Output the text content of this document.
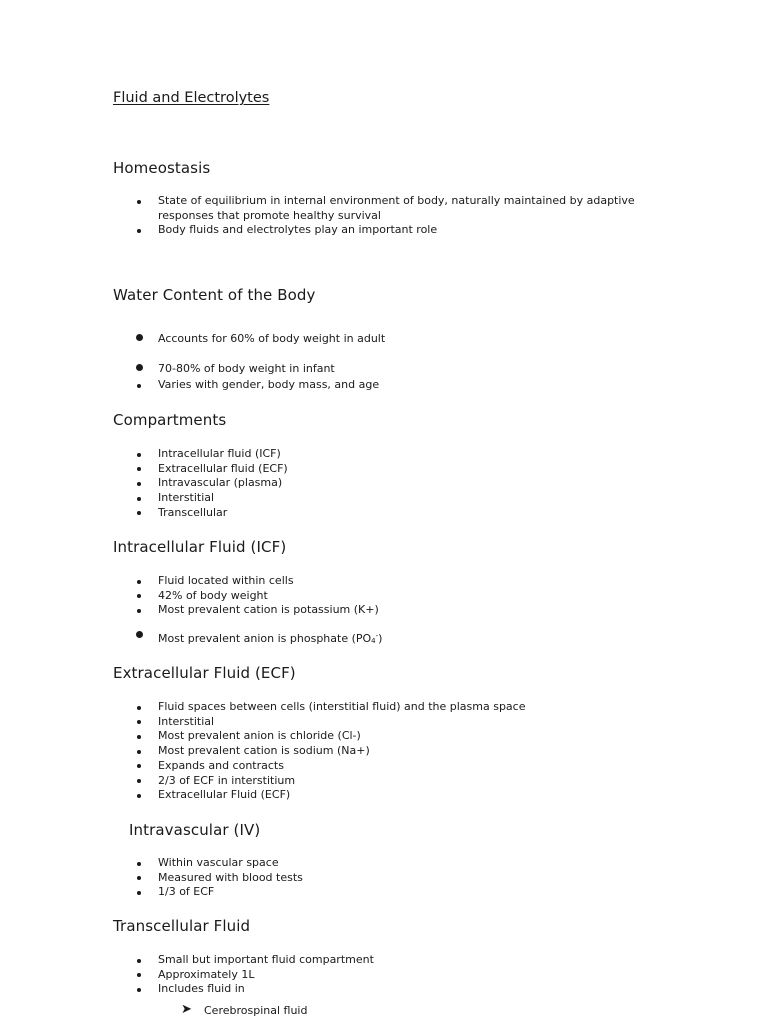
Fluid and Electrolytes
Homeostasis
State of equilibrium in internal environment of body, naturally maintained by adaptive responses that promote healthy survival
Body fluids and electrolytes play an important role
Water Content of the Body
Accounts for 60% of body weight in adult
70-80% of body weight in infant
Varies with gender, body mass, and age
Compartments
Intracellular fluid (ICF)
Extracellular fluid (ECF)
Intravascular (plasma)
Interstitial
Transcellular
Intracellular Fluid (ICF)
Fluid located within cells
42% of body weight
Most prevalent cation is potassium (K+)
Most prevalent anion is phosphate $(PO_4^-)$
Extracellular Fluid (ECF)
Fluid spaces between cells (interstitial fluid) and the plasma space
Interstitial
Most prevalent anion is chloride (Cl-)
Most prevalent cation is sodium (Na+)
Expands and contracts
2/3 of ECF in interstitium
Extracellular Fluid (ECF)
Intravascular (IV)
Within vascular space
Measured with blood tests
1/3 of ECF
Transcellular Fluid
Small but important fluid compartment
Approximately 1L
Includes fluid in
➤ Cerebrospinal fluid
